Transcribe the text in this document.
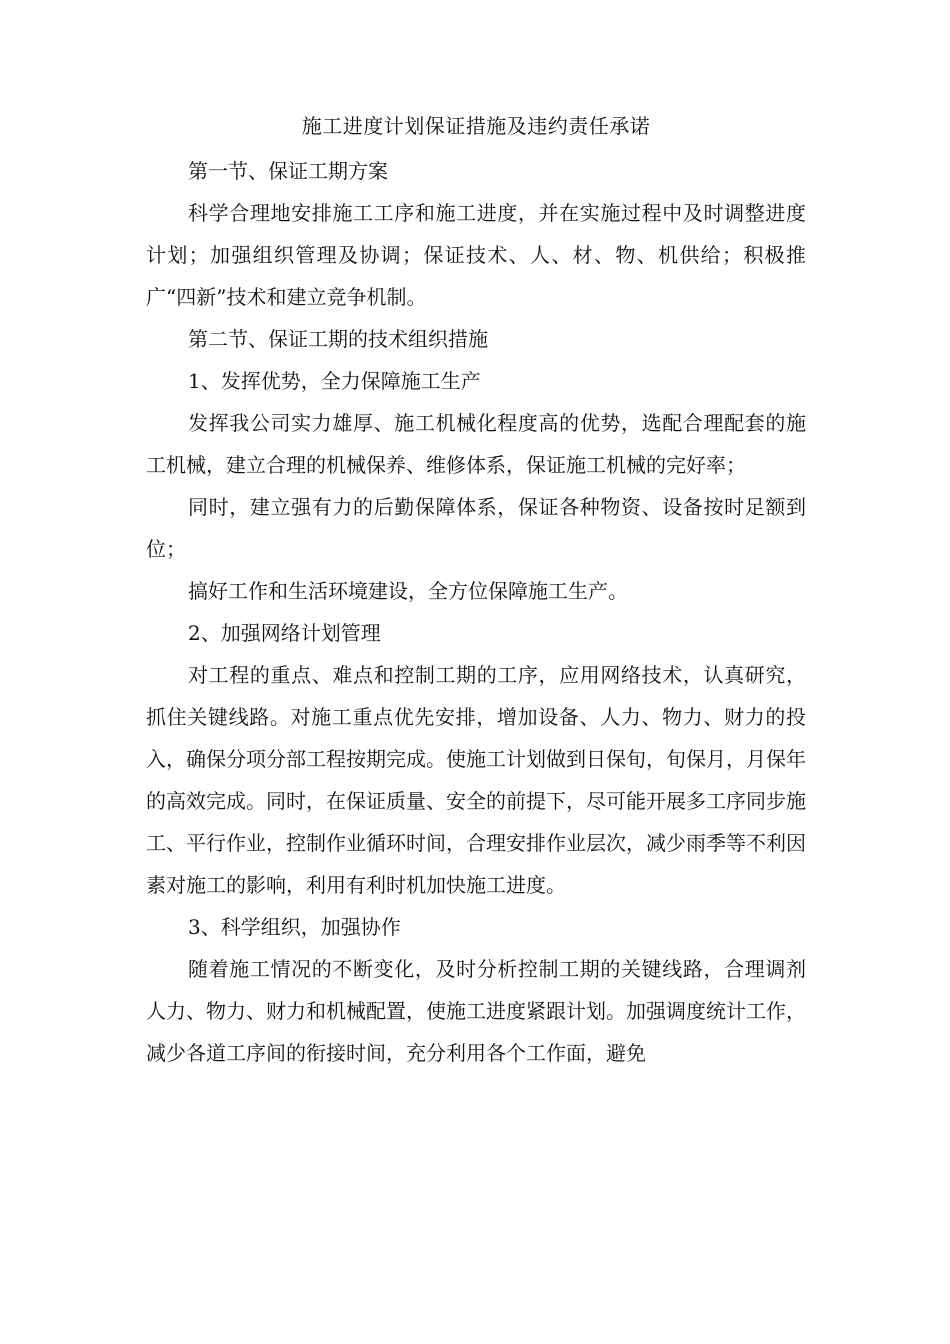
施工进度计划保证措施及违约责任承诺

第一节、保证工期方案

科学合理地安排施工工序和施工进度，并在实施过程中及时调整进度计划；加强组织管理及协调；保证技术、人、材、物、机供给；积极推广“四新”技术和建立竞争机制。

第二节、保证工期的技术组织措施

1、发挥优势，全力保障施工生产

发挥我公司实力雄厚、施工机械化程度高的优势，选配合理配套的施工机械，建立合理的机械保养、维修体系，保证施工机械的完好率；

同时，建立强有力的后勤保障体系，保证各种物资、设备按时足额到位；

搞好工作和生活环境建设，全方位保障施工生产。

2、加强网络计划管理

对工程的重点、难点和控制工期的工序，应用网络技术，认真研究，抓住关键线路。对施工重点优先安排，增加设备、人力、物力、财力的投入，确保分项分部工程按期完成。使施工计划做到日保旬，旬保月，月保年的高效完成。同时，在保证质量、安全的前提下，尽可能开展多工序同步施工、平行作业，控制作业循环时间，合理安排作业层次，减少雨季等不利因素对施工的影响，利用有利时机加快施工进度。

3、科学组织，加强协作

随着施工情况的不断变化，及时分析控制工期的关键线路，合理调剂人力、物力、财力和机械配置，使施工进度紧跟计划。加强调度统计工作，减少各道工序间的衔接时间，充分利用各个工作面，避免
